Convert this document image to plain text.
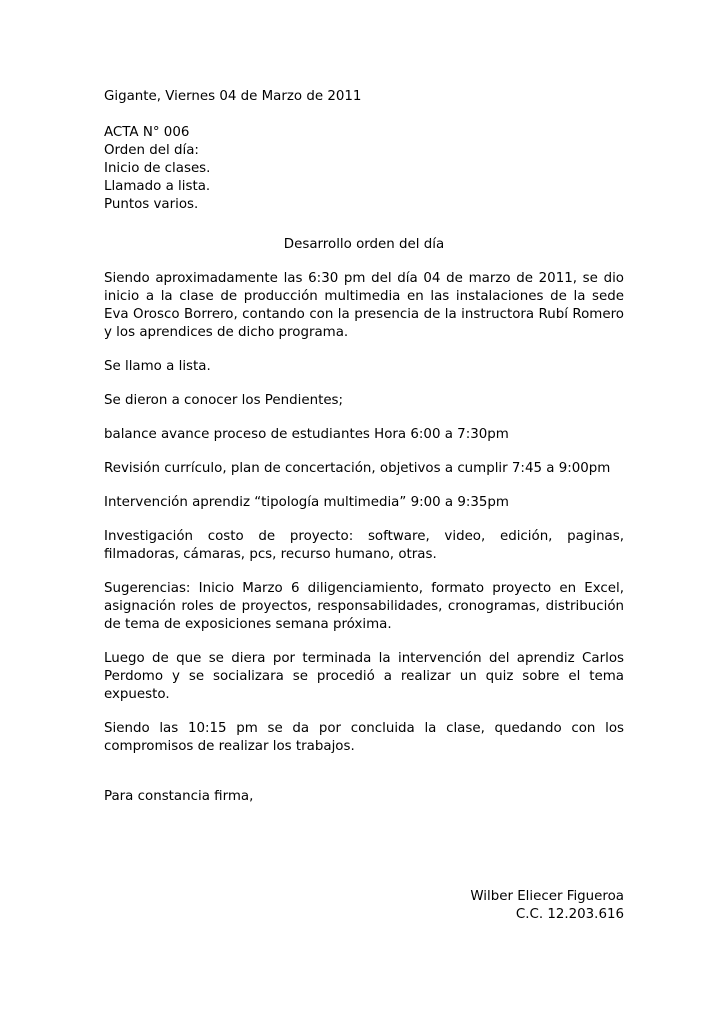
Gigante, Viernes 04 de Marzo de 2011

ACTA N° 006

Orden del día:

Inicio de clases.

Llamado a lista.

Puntos varios.

Desarrollo orden del día

Siendo aproximadamente las 6:30 pm del día 04 de marzo de 2011, se dio inicio a la clase de producción multimedia en las instalaciones de la sede Eva Orosco Borrero, contando con la presencia de la instructora Rubí Romero y los aprendices de dicho programa.

Se llamo a lista.

Se dieron a conocer los Pendientes;

balance avance proceso de estudiantes Hora 6:00 a 7:30pm

Revisión currículo, plan de concertación, objetivos a cumplir 7:45 a 9:00pm

Intervención aprendiz “tipología multimedia” 9:00 a 9:35pm

Investigación costo de proyecto: software, video, edición, paginas, filmadoras, cámaras, pcs, recurso humano, otras.

Sugerencias: Inicio Marzo 6 diligenciamiento, formato proyecto en Excel, asignación roles de proyectos, responsabilidades, cronogramas, distribución de tema de exposiciones semana próxima.

Luego de que se diera por terminada la intervención del aprendiz Carlos Perdomo y se socializara se procedió a realizar un quiz sobre el tema expuesto.

Siendo las 10:15 pm se da por concluida la clase, quedando con los compromisos de realizar los trabajos.

Para constancia firma,

Wilber Eliecer Figueroa

C.C. 12.203.616
